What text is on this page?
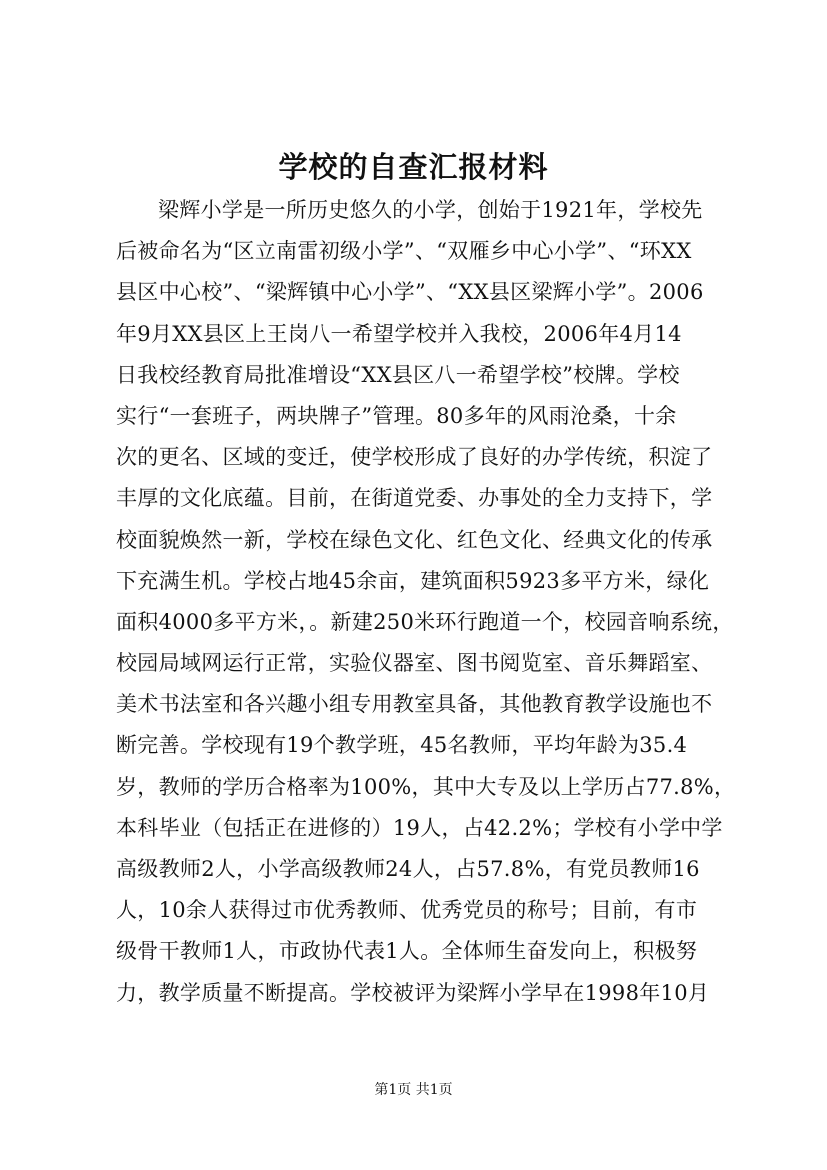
学校的自查汇报材料
梁辉小学是一所历史悠久的小学，创始于1921年，学校先
后被命名为“区立南雷初级小学”、“双雁乡中心小学”、“环XX
县区中心校”、“梁辉镇中心小学”、“XX县区梁辉小学”。2006
年9月XX县区上王岗八一希望学校并入我校，2006年4月14
日我校经教育局批准增设“XX县区八一希望学校”校牌。学校
实行“一套班子，两块牌子”管理。80多年的风雨沧桑，十余
次的更名、区域的变迁，使学校形成了良好的办学传统，积淀了
丰厚的文化底蕴。目前，在街道党委、办事处的全力支持下，学
校面貌焕然一新，学校在绿色文化、红色文化、经典文化的传承
下充满生机。学校占地45余亩，建筑面积5923多平方米，绿化
面积4000多平方米，。新建250米环行跑道一个，校园音响系统，
校园局域网运行正常，实验仪器室、图书阅览室、音乐舞蹈室、
美术书法室和各兴趣小组专用教室具备，其他教育教学设施也不
断完善。学校现有19个教学班，45名教师，平均年龄为35.4
岁，教师的学历合格率为100%，其中大专及以上学历占77.8%，
本科毕业（包括正在进修的）19人，占42.2%；学校有小学中学
高级教师2人，小学高级教师24人，占57.8%，有党员教师16
人，10余人获得过市优秀教师、优秀党员的称号；目前，有市
级骨干教师1人，市政协代表1人。全体师生奋发向上，积极努
力，教学质量不断提高。学校被评为梁辉小学早在1998年10月
第1页 共1页
